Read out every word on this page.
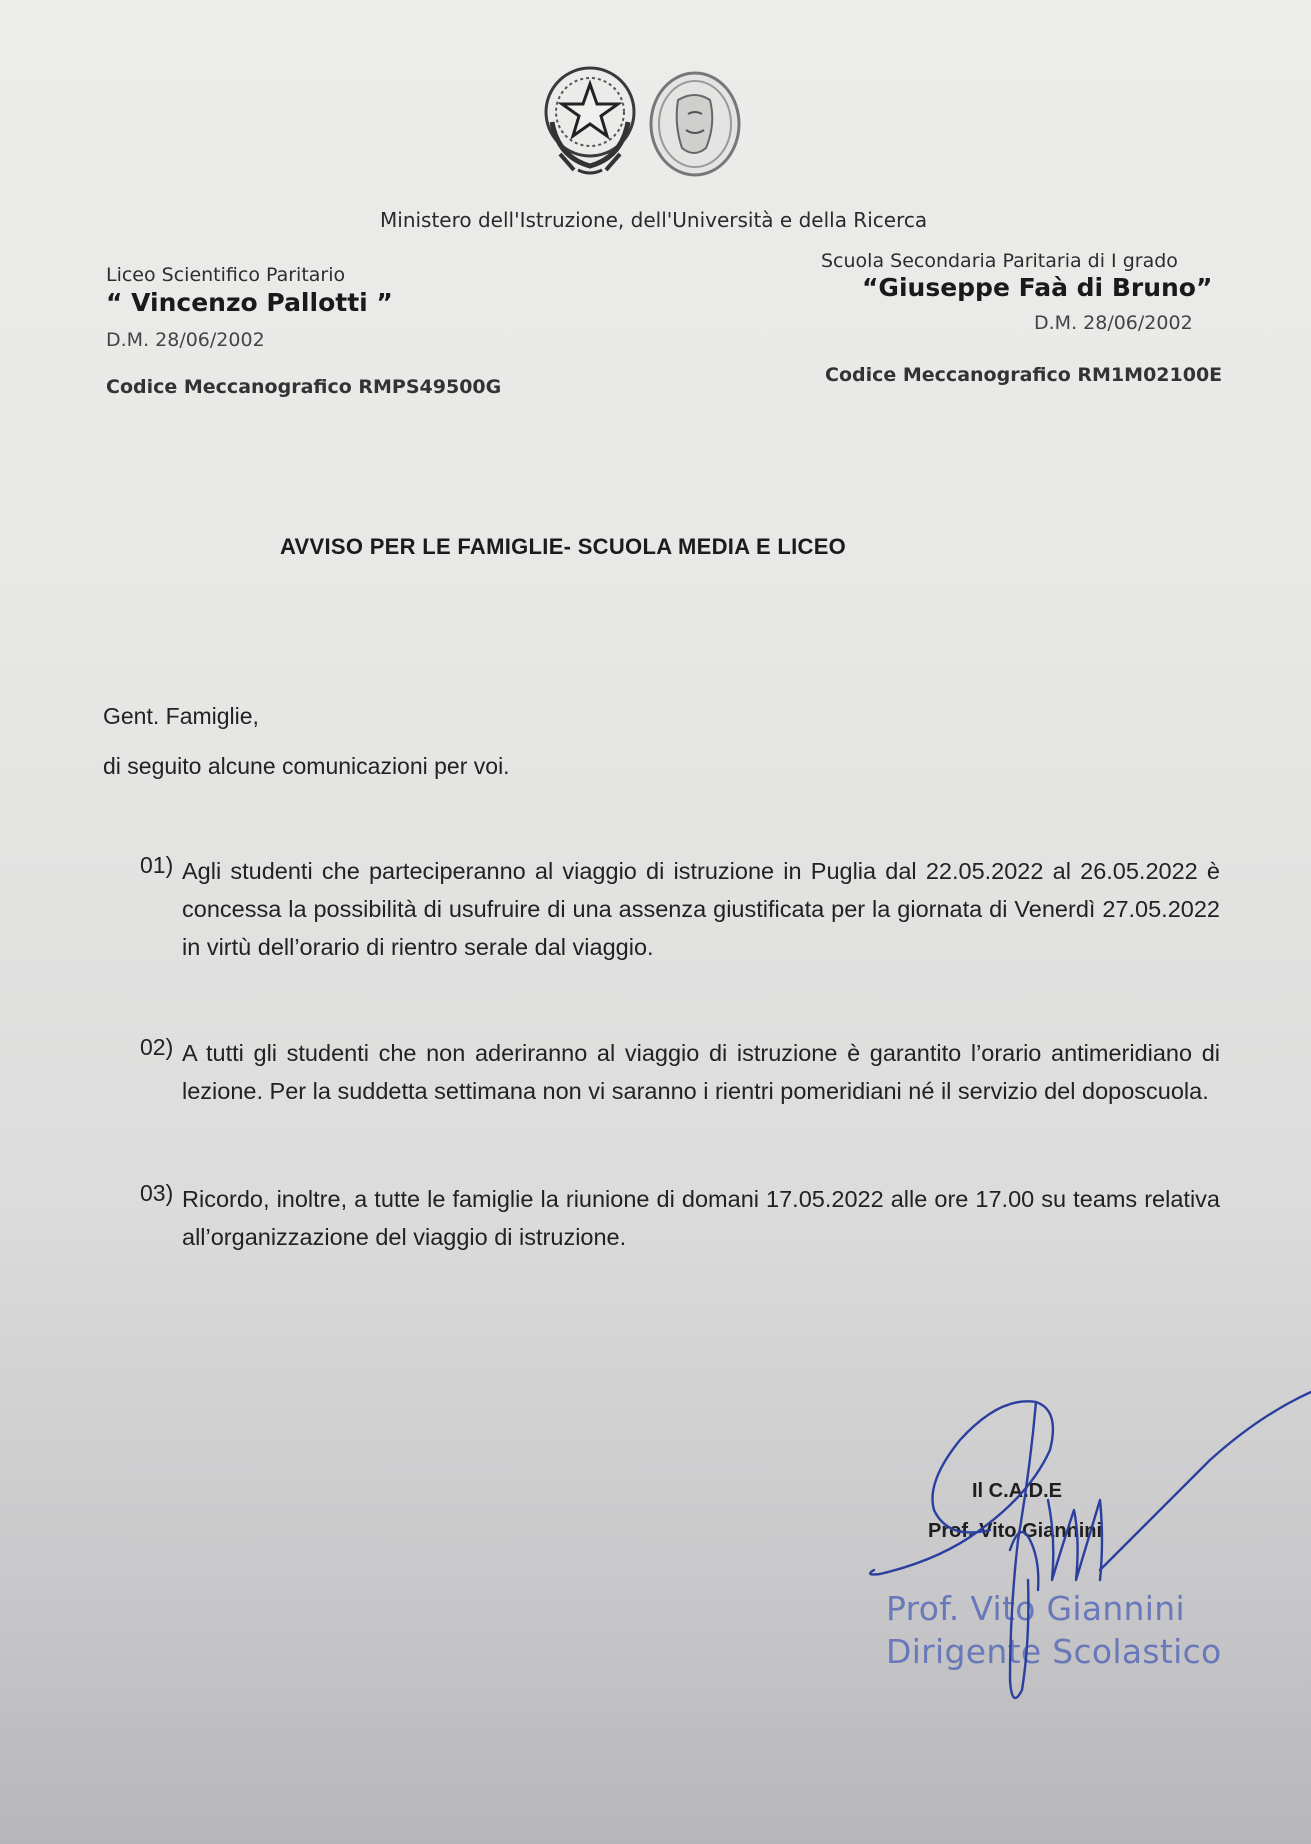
Ministero dell'Istruzione, dell'Università e della Ricerca
Liceo Scientifico Paritario
“ Vincenzo Pallotti ”
D.M. 28/06/2002
Codice Meccanografico RMPS49500G
Scuola Secondaria Paritaria di I grado
“Giuseppe Faà di Bruno”
D.M. 28/06/2002
Codice Meccanografico RM1M02100E
AVVISO PER LE FAMIGLIE- SCUOLA MEDIA E LICEO
Gent. Famiglie,
di seguito alcune comunicazioni per voi.
01) Agli studenti che parteciperanno al viaggio di istruzione in Puglia dal 22.05.2022 al 26.05.2022 è concessa la possibilità di usufruire di una assenza giustificata per la giornata di Venerdì 27.05.2022 in virtù dell’orario di rientro serale dal viaggio.
02) A tutti gli studenti che non aderiranno al viaggio di istruzione è garantito l’orario antimeridiano di lezione. Per la suddetta settimana non vi saranno i rientri pomeridiani né il servizio del doposcuola.
03) Ricordo, inoltre, a tutte le famiglie la riunione di domani 17.05.2022 alle ore 17.00 su teams relativa all’organizzazione del viaggio di istruzione.
Il C.A.D.E
Prof. Vito Giannini
Prof. Vito Giannini
Dirigente Scolastico
